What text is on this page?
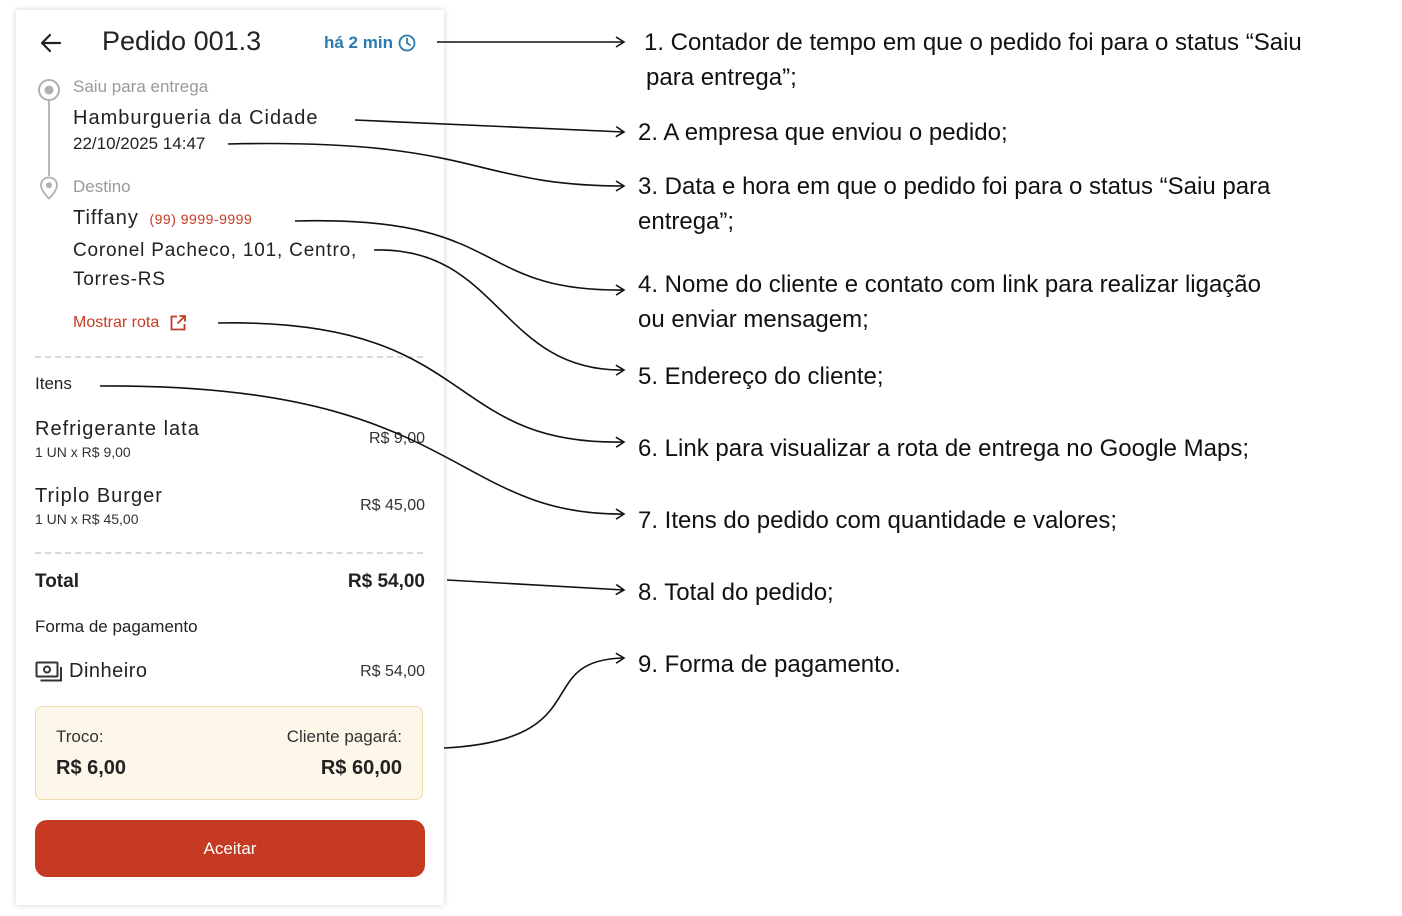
Pedido 001.3	há 2 min
Saiu para entrega
Hamburgueria da Cidade
22/10/2025 14:47
Destino
Tiffany (99) 9999-9999
Coronel Pacheco, 101, Centro, Torres-RS
Mostrar rota
Itens
Refrigerante lata
1 UN x R$ 9,00
R$ 9,00
Triplo Burger
1 UN x R$ 45,00
R$ 45,00
Total	R$ 54,00
Forma de pagamento
Dinheiro	R$ 54,00
Troco:
R$ 6,00
Cliente pagará:
R$ 60,00
Aceitar
1. Contador de tempo em que o pedido foi para o status “Saiu
para entrega”;
2. A empresa que enviou o pedido;
3. Data e hora em que o pedido foi para o status “Saiu para
entrega”;
4. Nome do cliente e contato com link para realizar ligação
ou enviar mensagem;
5. Endereço do cliente;
6. Link para visualizar a rota de entrega no Google Maps;
7. Itens do pedido com quantidade e valores;
8. Total do pedido;
9. Forma de pagamento.
